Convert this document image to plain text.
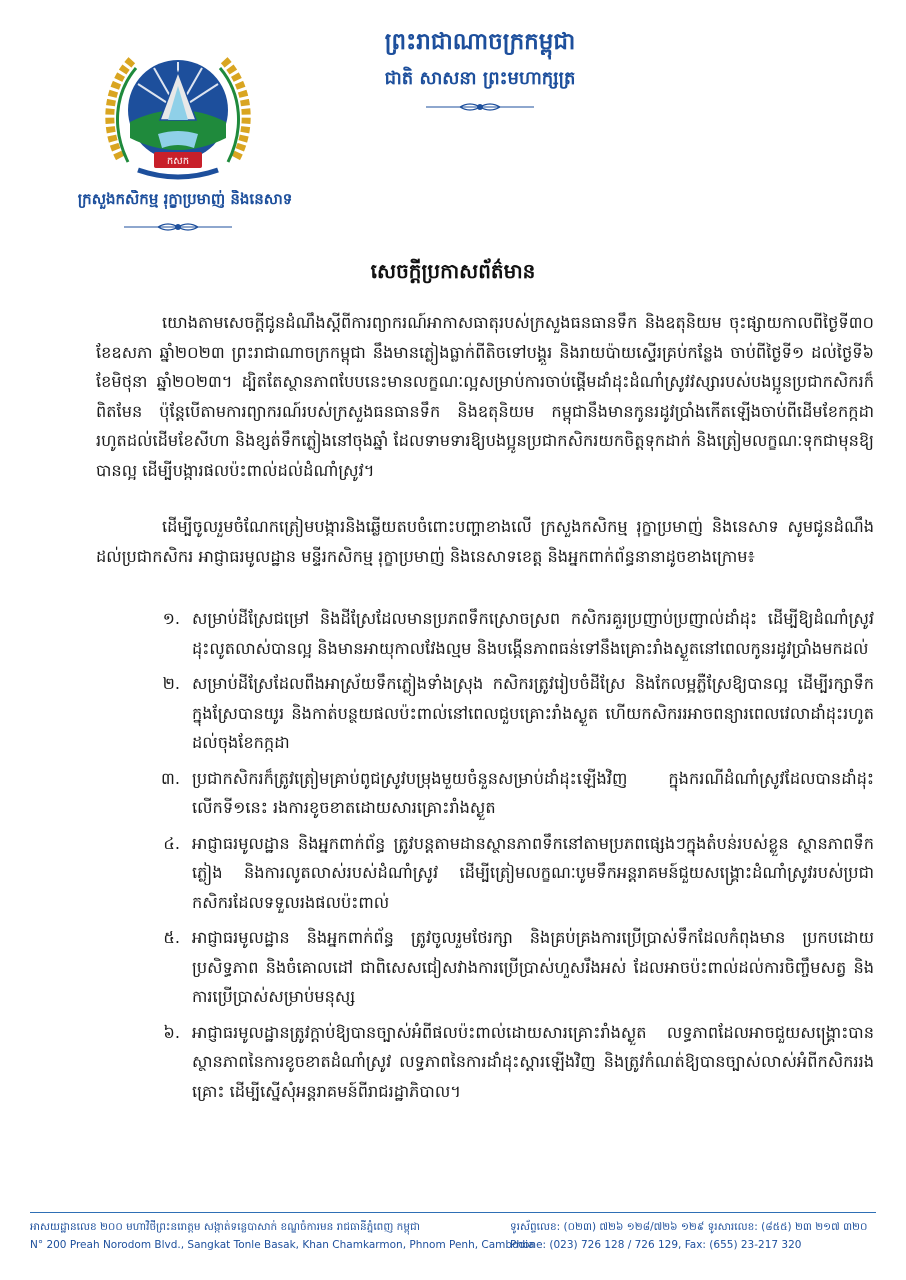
កសក
ក្រសួងកសិកម្ម រុក្ខាប្រមាញ់ និងនេសាទ
ព្រះរាជាណាចក្រកម្ពុជា
ជាតិ សាសនា ព្រះមហាក្សត្រ
សេចក្ដីប្រកាសព័ត៌មាន
យោងតាមសេចក្ដីជូនដំណឹងស្ដីពីការព្យាករណ៍អាកាសធាតុរបស់ក្រសួងធនធានទឹក និងឧតុនិយម ចុះផ្សាយកាលពីថ្ងៃទី៣០ ខែឧសភា ឆ្នាំ២០២៣ ព្រះរាជាណាចក្រកម្ពុជា នឹងមានភ្លៀងធ្លាក់ពីតិចទៅបង្គួរ និងរាយប៉ាយស្ទើរគ្រប់កន្លែង ចាប់ពីថ្ងៃទី១ ដល់ថ្ងៃទី៦ ខែមិថុនា ឆ្នាំ២០២៣។ ដ្បិតតែស្ថានភាពបែបនេះមានលក្ខណៈល្អសម្រាប់ការចាប់ផ្ដើមដាំដុះដំណាំស្រូវវស្សារបស់បងប្អូនប្រជាកសិករក៏ពិតមែន ប៉ុន្តែបើតាមការព្យាករណ៍របស់ក្រសួងធនធានទឹក និងឧតុនិយម កម្ពុជានឹងមានកូនរដូវប្រាំងកើតឡើងចាប់ពីដើមខែកក្កដា រហូតដល់ដើមខែសីហា និងខ្សត់ទឹកភ្លៀងនៅចុងឆ្នាំ ដែលទាមទារឱ្យបងប្អូនប្រជាកសិករយកចិត្តទុកដាក់ និងត្រៀមលក្ខណៈទុកជាមុនឱ្យបានល្អ ដើម្បីបង្ការផលប៉ះពាល់ដល់ដំណាំស្រូវ។
ដើម្បីចូលរួមចំណែកត្រៀមបង្ការនិងឆ្លើយតបចំពោះបញ្ហាខាងលើ ក្រសួងកសិកម្ម រុក្ខាប្រមាញ់ និងនេសាទ សូមជូនដំណឹងដល់ប្រជាកសិករ អាជ្ញាធរមូលដ្ឋាន មន្ទីរកសិកម្ម រុក្ខាប្រមាញ់ និងនេសាទខេត្ត និងអ្នកពាក់ព័ន្ធនានាដូចខាងក្រោម៖
១. សម្រាប់ដីស្រែជម្រៅ និងដីស្រែដែលមានប្រភពទឹកស្រោចស្រព កសិករគួរប្រញាប់ប្រញាល់ដាំដុះ ដើម្បីឱ្យដំណាំស្រូវដុះលូតលាស់បានល្អ និងមានអាយុកាលវែងល្មម និងបង្កើនភាពធន់ទៅនឹងគ្រោះរាំងស្ងួតនៅពេលកូនរដូវប្រាំងមកដល់
២. សម្រាប់ដីស្រែដែលពឹងអាស្រ័យទឹកភ្លៀងទាំងស្រុង កសិករត្រូវរៀបចំដីស្រែ និងកែលម្អភ្លឺស្រែឱ្យបានល្អ ដើម្បីរក្សាទឹកក្នុងស្រែបានយូរ និងកាត់បន្ថយផលប៉ះពាល់នៅពេលជួបគ្រោះរាំងស្ងួត ហើយកសិកររអាចពន្យារពេលវេលាដាំដុះរហូតដល់ចុងខែកក្កដា
៣. ប្រជាកសិករក៏ត្រូវត្រៀមគ្រាប់ពូជស្រូវបម្រុងមួយចំនួនសម្រាប់ដាំដុះឡើងវិញ ក្នុងករណីដំណាំស្រូវដែលបានដាំដុះលើកទី១នេះ រងការខូចខាតដោយសារគ្រោះរាំងស្ងួត
៤. អាជ្ញាធរមូលដ្ឋាន និងអ្នកពាក់ព័ន្ធ ត្រូវបន្តតាមដានស្ថានភាពទឹកនៅតាមប្រភពផ្សេងៗក្នុងតំបន់របស់ខ្លួន ស្ថានភាពទឹកភ្លៀង និងការលូតលាស់របស់ដំណាំស្រូវ ដើម្បីត្រៀមលក្ខណៈបូមទឹកអន្តរាគមន៍ជួយសង្គ្រោះដំណាំស្រូវរបស់ប្រជាកសិករដែលទទួលរងផលប៉ះពាល់
៥. អាជ្ញាធរមូលដ្ឋាន និងអ្នកពាក់ព័ន្ធ ត្រូវចូលរួមថែរក្សា និងគ្រប់គ្រងការប្រើប្រាស់ទឹកដែលកំពុងមាន ប្រកបដោយប្រសិទ្ធភាព និងចំគោលដៅ ជាពិសេសជៀសវាងការប្រើប្រាស់ហួសរឹងអស់ ដែលអាចប៉ះពាល់ដល់ការចិញ្ចឹមសត្វ និងការប្រើប្រាស់សម្រាប់មនុស្ស
៦. អាជ្ញាធរមូលដ្ឋានត្រូវក្ដាប់ឱ្យបានច្បាស់អំពីផលប៉ះពាល់ដោយសារគ្រោះរាំងស្ងួត លទ្ធភាពដែលអាចជួយសង្គ្រោះបាន ស្ថានភាពនៃការខូចខាតដំណាំស្រូវ លទ្ធភាពនៃការដាំដុះស្តារឡើងវិញ និងត្រូវកំណត់ឱ្យបានច្បាស់លាស់អំពីកសិកររងគ្រោះ ដើម្បីស្នើសុំអន្តរាគមន៍ពីរាជរដ្ឋាភិបាល។
អាសយដ្ឋានលេខ ២០០ មហាវិថីព្រះនរោត្តម សង្កាត់ទន្លេបាសាក់ ខណ្ឌចំការមន រាជធានីភ្នំពេញ កម្ពុជា
N° 200 Preah Norodom Blvd., Sangkat Tonle Basak, Khan Chamkarmon, Phnom Penh, Cambodia
ទូរស័ព្ទលេខ: (០២៣) ៧២៦ ១២៨/៧២៦ ១២៩ ទូរសារលេខ: (៨៥៥) ២៣ ២១៧ ៣២០
Phone: (023) 726 128 / 726 129, Fax: (655) 23-217 320
